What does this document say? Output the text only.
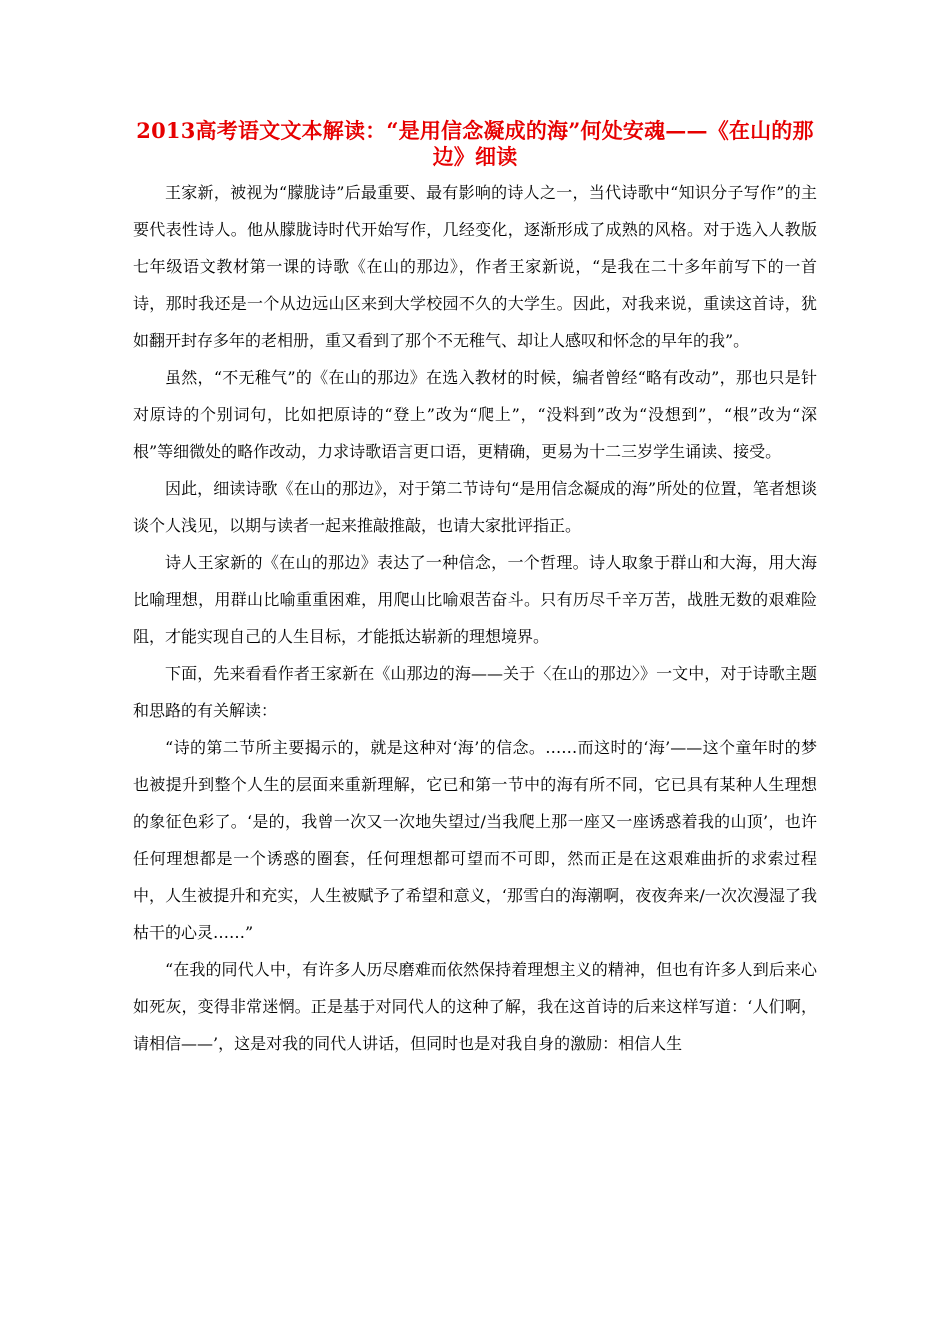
2013高考语文文本解读：“是用信念凝成的海”何处安魂——《在山的那边》细读

王家新，被视为“朦胧诗”后最重要、最有影响的诗人之一，当代诗歌中“知识分子写作”的主要代表性诗人。他从朦胧诗时代开始写作，几经变化，逐渐形成了成熟的风格。对于选入人教版七年级语文教材第一课的诗歌《在山的那边》，作者王家新说，“是我在二十多年前写下的一首诗，那时我还是一个从边远山区来到大学校园不久的大学生。因此，对我来说，重读这首诗，犹如翻开封存多年的老相册，重又看到了那个不无稚气、却让人感叹和怀念的早年的我”。

虽然，“不无稚气”的《在山的那边》在选入教材的时候，编者曾经“略有改动”，那也只是针对原诗的个别词句，比如把原诗的“登上”改为“爬上”，“没料到”改为“没想到”，“根”改为“深根”等细微处的略作改动，力求诗歌语言更口语，更精确，更易为十二三岁学生诵读、接受。

因此，细读诗歌《在山的那边》，对于第二节诗句“是用信念凝成的海”所处的位置，笔者想谈谈个人浅见，以期与读者一起来推敲推敲，也请大家批评指正。

诗人王家新的《在山的那边》表达了一种信念，一个哲理。诗人取象于群山和大海，用大海比喻理想，用群山比喻重重困难，用爬山比喻艰苦奋斗。只有历尽千辛万苦，战胜无数的艰难险阻，才能实现自己的人生目标，才能抵达崭新的理想境界。

下面，先来看看作者王家新在《山那边的海——关于〈在山的那边〉》一文中，对于诗歌主题和思路的有关解读：

“诗的第二节所主要揭示的，就是这种对‘海’的信念。……而这时的‘海’——这个童年时的梦也被提升到整个人生的层面来重新理解，它已和第一节中的海有所不同，它已具有某种人生理想的象征色彩了。‘是的，我曾一次又一次地失望过/当我爬上那一座又一座诱惑着我的山顶’，也许任何理想都是一个诱惑的圈套，任何理想都可望而不可即，然而正是在这艰难曲折的求索过程中，人生被提升和充实，人生被赋予了希望和意义，‘那雪白的海潮啊，夜夜奔来/一次次漫湿了我枯干的心灵……”

“在我的同代人中，有许多人历尽磨难而依然保持着理想主义的精神，但也有许多人到后来心如死灰，变得非常迷惘。正是基于对同代人的这种了解，我在这首诗的后来这样写道：‘人们啊，请相信——’，这是对我的同代人讲话，但同时也是对我自身的激励：相信人生
